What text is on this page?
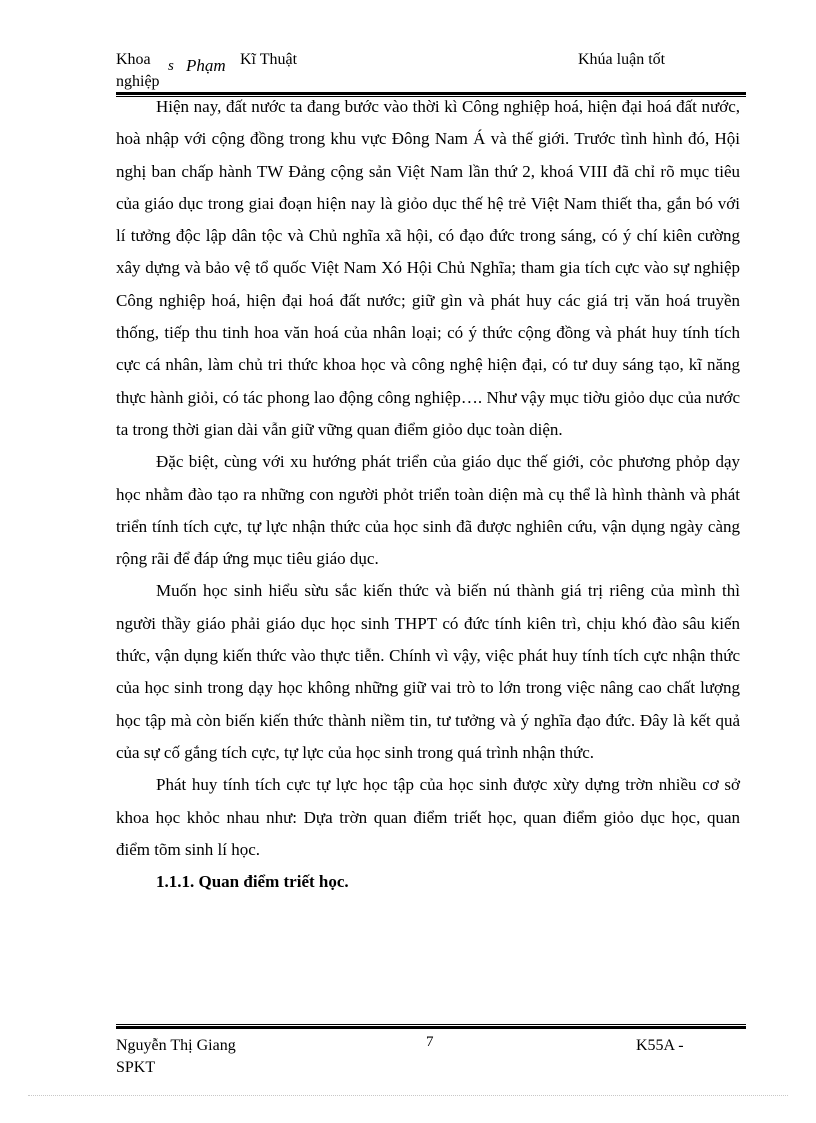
Khoa s Phạm Kĩ Thuật	Khúa luận tốt
nghiệp

Hiện nay, đất nước ta đang bước vào thời kì Công nghiệp hoá, hiện đại hoá đất nước, hoà nhập với cộng đồng trong khu vực Đông Nam Á và thế giới. Trước tình hình đó, Hội nghị ban chấp hành TW Đảng cộng sản Việt Nam lần thứ 2, khoá VIII đã chỉ rõ mục tiêu của giáo dục trong giai đoạn hiện nay là giỏo dục thế hệ trẻ Việt Nam thiết tha, gắn bó với lí tưởng độc lập dân tộc và Chủ nghĩa xã hội, có đạo đức trong sáng, có ý chí kiên cường xây dựng và bảo vệ tổ quốc Việt Nam Xó Hội Chủ Nghĩa; tham gia tích cực vào sự nghiệp Công nghiệp hoá, hiện đại hoá đất nước; giữ gìn và phát huy các giá trị văn hoá truyền thống, tiếp thu tinh hoa văn hoá của nhân loại; có ý thức cộng đồng và phát huy tính tích cực cá nhân, làm chủ tri thức khoa học và công nghệ hiện đại, có tư duy sáng tạo, kĩ năng thực hành giỏi, có tác phong lao động công nghiệp…. Như vậy mục tiờu giỏo dục của nước ta trong thời gian dài vẫn giữ vững quan điểm giỏo dục toàn diện.

Đặc biệt, cùng với xu hướng phát triển của giáo dục thế giới, cỏc phương phỏp dạy học nhằm đào tạo ra những con người phỏt triển toàn diện mà cụ thể là hình thành và phát triển tính tích cực, tự lực nhận thức của học sinh đã được nghiên cứu, vận dụng ngày càng rộng rãi để đáp ứng mục tiêu giáo dục.

Muốn học sinh hiểu sừu sắc kiến thức và biến nú thành giá trị riêng của mình thì người thầy giáo phải giáo dục học sinh THPT có đức tính kiên trì, chịu khó đào sâu kiến thức, vận dụng kiến thức vào thực tiễn. Chính vì vậy, việc phát huy tính tích cực nhận thức của học sinh trong dạy học không những giữ vai trò to lớn trong việc nâng cao chất lượng học tập mà còn biến kiến thức thành niềm tin, tư tưởng và ý nghĩa đạo đức. Đây là kết quả của sự cố gắng tích cực, tự lực của học sinh trong quá trình nhận thức.

Phát huy tính tích cực tự lực học tập của học sinh được xừy dựng trờn nhiều cơ sở khoa học khỏc nhau như: Dựa trờn quan điểm triết học, quan điểm giỏo dục học, quan điểm tõm sinh lí học.

1.1.1. Quan điểm triết học.

Nguyễn Thị Giang	7	K55A -
SPKT
